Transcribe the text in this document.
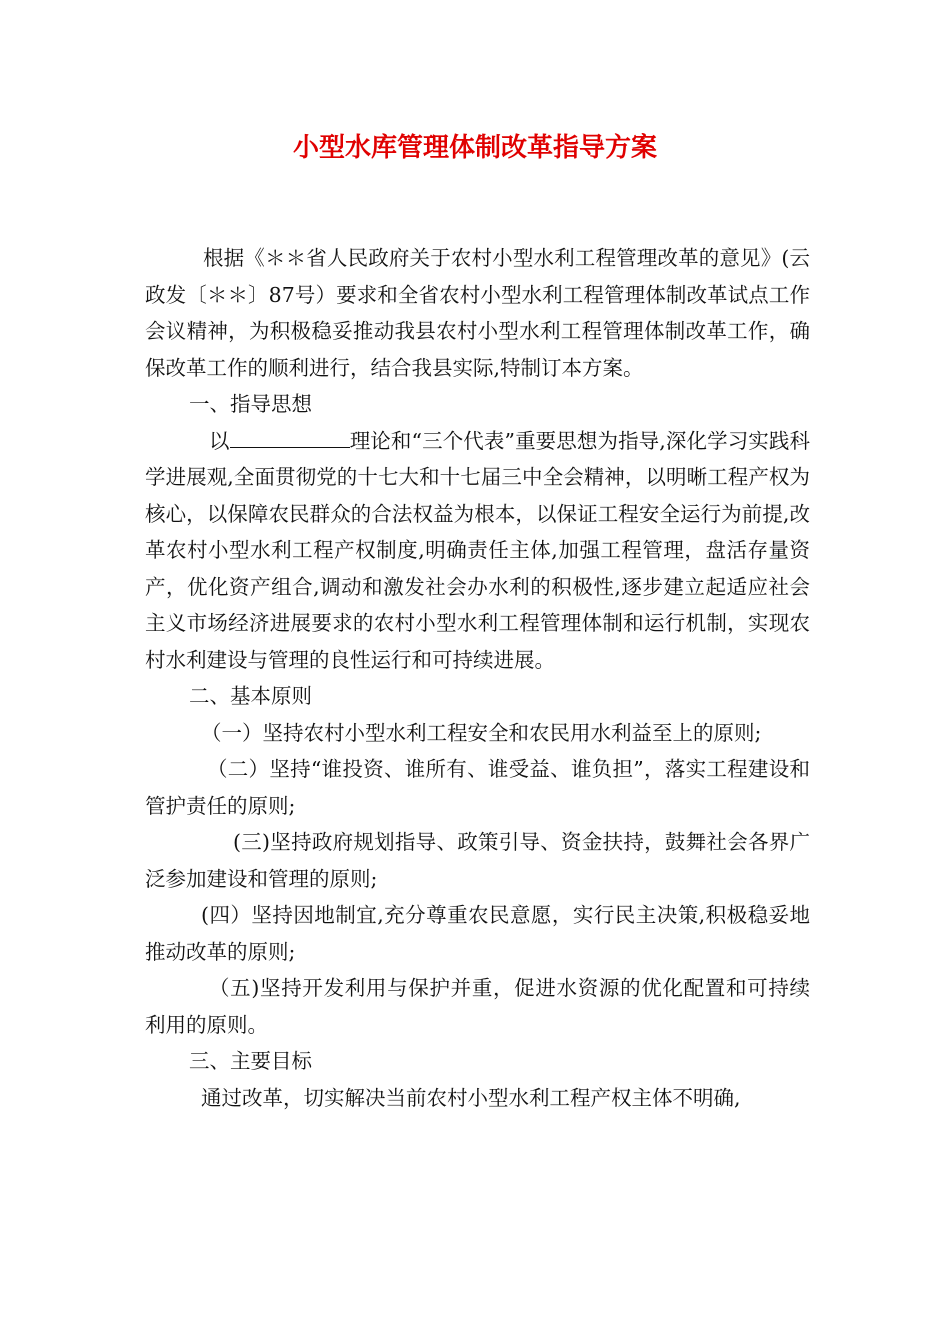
小型水库管理体制改革指导方案

根据《＊＊省人民政府关于农村小型水利工程管理改革的意见》(云政发〔＊＊〕87号）要求和全省农村小型水利工程管理体制改革试点工作会议精神，为积极稳妥推动我县农村小型水利工程管理体制改革工作，确保改革工作的顺利进行，结合我县实际,特制订本方案。

一、指导思想

以	理论和“三个代表”重要思想为指导,深化学习实践科学进展观,全面贯彻党的十七大和十七届三中全会精神，以明晰工程产权为核心，以保障农民群众的合法权益为根本，以保证工程安全运行为前提,改革农村小型水利工程产权制度,明确责任主体,加强工程管理，盘活存量资产，优化资产组合,调动和激发社会办水利的积极性,逐步建立起适应社会主义市场经济进展要求的农村小型水利工程管理体制和运行机制，实现农村水利建设与管理的良性运行和可持续进展。

二、基本原则

（一）坚持农村小型水利工程安全和农民用水利益至上的原则;

（二）坚持“谁投资、谁所有、谁受益、谁负担”，落实工程建设和管护责任的原则;

(三)坚持政府规划指导、政策引导、资金扶持，鼓舞社会各界广泛参加建设和管理的原则;

(四）坚持因地制宜,充分尊重农民意愿，实行民主决策,积极稳妥地推动改革的原则;

（五)坚持开发利用与保护并重，促进水资源的优化配置和可持续利用的原则。

三、主要目标

通过改革，切实解决当前农村小型水利工程产权主体不明确,
